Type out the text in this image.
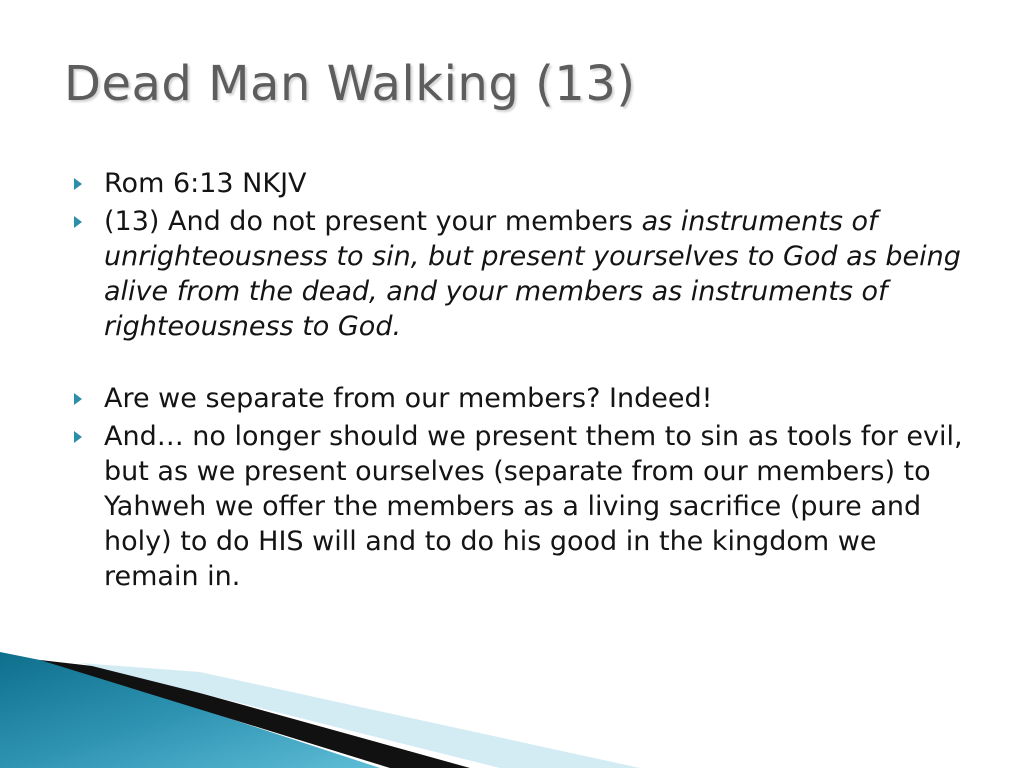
Dead Man Walking (13)
Rom 6:13 NKJV
(13) And do not present your members as instruments of unrighteousness to sin, but present yourselves to God as being alive from the dead, and your members as instruments of righteousness to God.
Are we separate from our members? Indeed!
And… no longer should we present them to sin as tools for evil, but as we present ourselves (separate from our members) to Yahweh we offer the members as a living sacrifice (pure and holy) to do HIS will and to do his good in the kingdom we remain in.
